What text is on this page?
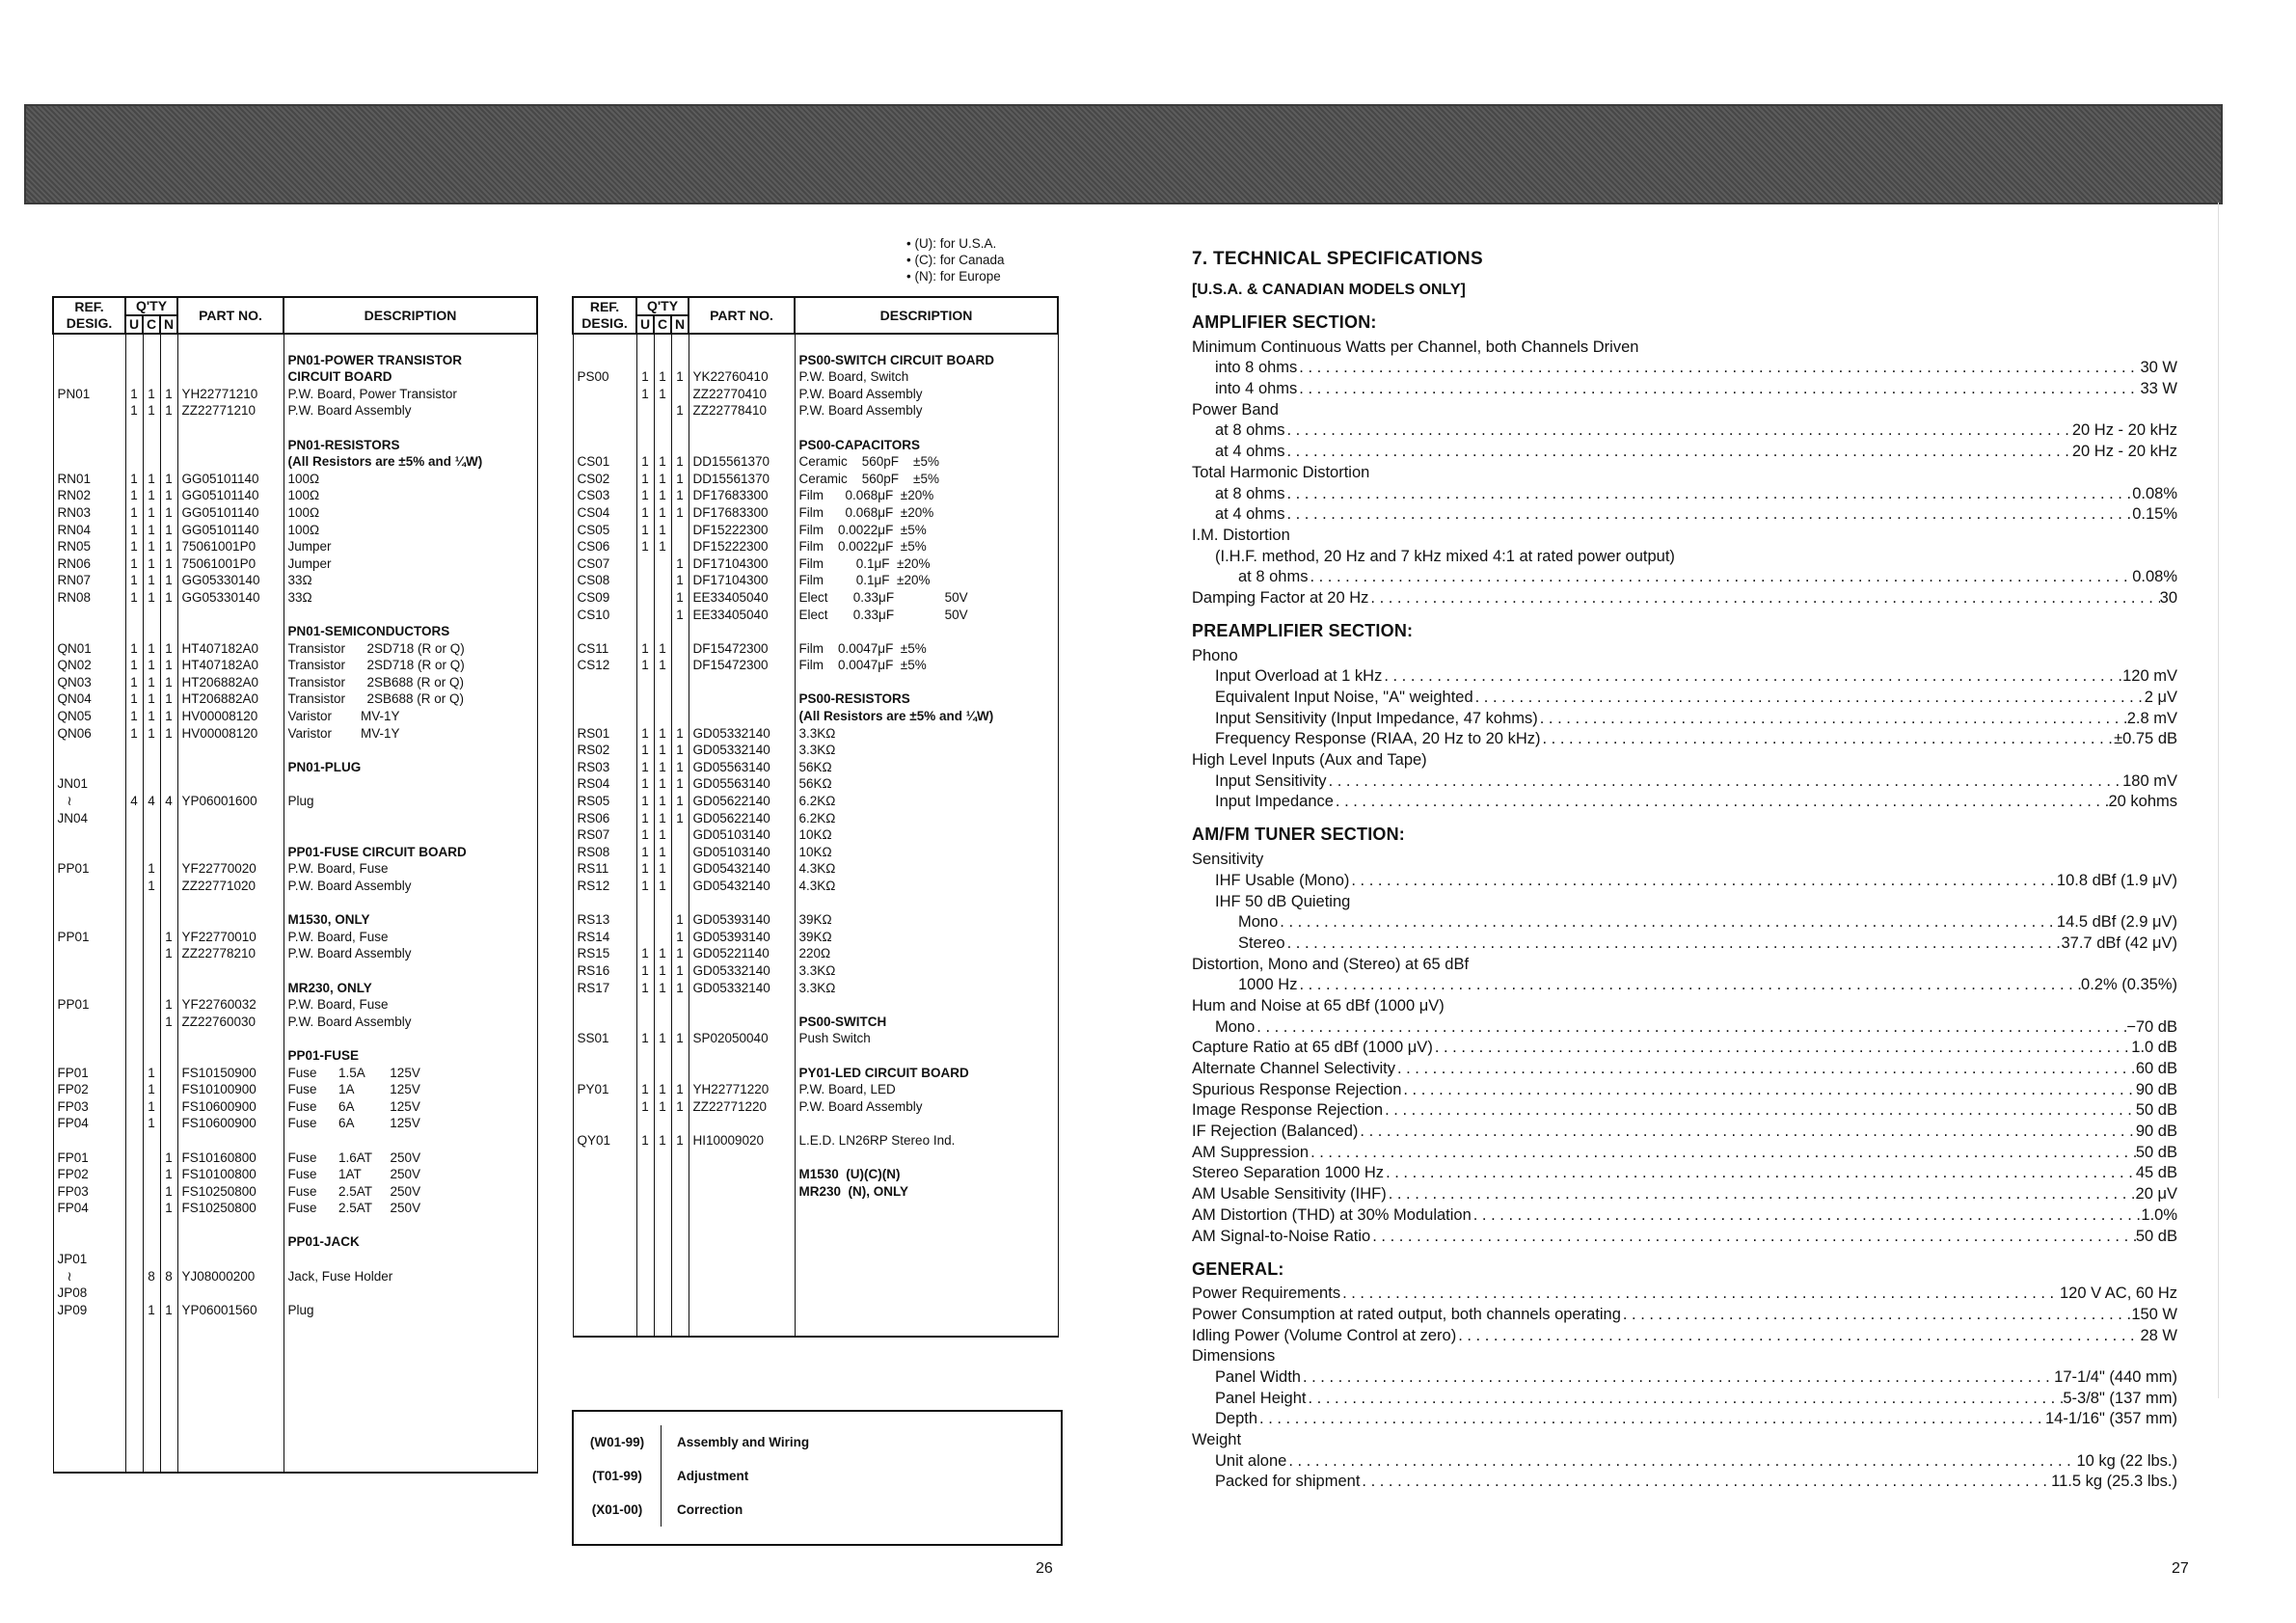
• (U): for U.S.A.
• (C): for Canada
• (N): for Europe
REF. DESIG.	Q'TY			PART NO.	DESCRIPTION
	U	C	N		

					PN01-POWER TRANSISTOR
					CIRCUIT BOARD
PN01	1	1	1	YH22771210	P.W. Board, Power Transistor
	1	1	1	ZZ22771210	P.W. Board Assembly

					PN01-RESISTORS
					(All Resistors are ±5% and ¼W)
RN01	1	1	1	GG05101140	100Ω
RN02	1	1	1	GG05101140	100Ω
RN03	1	1	1	GG05101140	100Ω
RN04	1	1	1	GG05101140	100Ω
RN05	1	1	1	75061001P0	Jumper
RN06	1	1	1	75061001P0	Jumper
RN07	1	1	1	GG05330140	33Ω
RN08	1	1	1	GG05330140	33Ω

					PN01-SEMICONDUCTORS
QN01	1	1	1	HT407182A0	Transistor      2SD718 (R or Q)
QN02	1	1	1	HT407182A0	Transistor      2SD718 (R or Q)
QN03	1	1	1	HT206882A0	Transistor      2SB688 (R or Q)
QN04	1	1	1	HT206882A0	Transistor      2SB688 (R or Q)
QN05	1	1	1	HV00008120	Varistor        MV-1Y
QN06	1	1	1	HV00008120	Varistor        MV-1Y

					PN01-PLUG
JN01					
≀	4	4	4	YP06001600	Plug
JN04					

					PP01-FUSE CIRCUIT BOARD
PP01		1		YF22770020	P.W. Board, Fuse
		1		ZZ22771020	P.W. Board Assembly

					M1530, ONLY
PP01			1	YF22770010	P.W. Board, Fuse
			1	ZZ22778210	P.W. Board Assembly

					MR230, ONLY
PP01			1	YF22760032	P.W. Board, Fuse
			1	ZZ22760030	P.W. Board Assembly

					PP01-FUSE
FP01		1		FS10150900	Fuse      1.5A       125V
FP02		1		FS10100900	Fuse      1A          125V
FP03		1		FS10600900	Fuse      6A          125V
FP04		1		FS10600900	Fuse      6A          125V

FP01			1	FS10160800	Fuse      1.6AT     250V
FP02			1	FS10100800	Fuse      1AT        250V
FP03			1	FS10250800	Fuse      2.5AT     250V
FP04			1	FS10250800	Fuse      2.5AT     250V

					PP01-JACK
JP01					
≀		8	8	YJ08000200	Jack, Fuse Holder
JP08					
JP09		1	1	YP06001560	Plug

REF. DESIG.	Q'TY			PART NO.	DESCRIPTION
	U	C	N		

					PS00-SWITCH CIRCUIT BOARD
PS00	1	1	1	YK22760410	P.W. Board, Switch
	1	1		ZZ22770410	P.W. Board Assembly
			1	ZZ22778410	P.W. Board Assembly

					PS00-CAPACITORS
CS01	1	1	1	DD15561370	Ceramic    560pF    ±5%
CS02	1	1	1	DD15561370	Ceramic    560pF    ±5%
CS03	1	1	1	DF17683300	Film      0.068μF  ±20%
CS04	1	1	1	DF17683300	Film      0.068μF  ±20%
CS05	1	1		DF15222300	Film    0.0022μF  ±5%
CS06	1	1		DF15222300	Film    0.0022μF  ±5%
CS07			1	DF17104300	Film         0.1μF  ±20%
CS08			1	DF17104300	Film         0.1μF  ±20%
CS09			1	EE33405040	Elect       0.33μF              50V
CS10			1	EE33405040	Elect       0.33μF              50V

CS11	1	1		DF15472300	Film    0.0047μF  ±5%
CS12	1	1		DF15472300	Film    0.0047μF  ±5%

					PS00-RESISTORS
					(All Resistors are ±5% and ¼W)
RS01	1	1	1	GD05332140	3.3KΩ
RS02	1	1	1	GD05332140	3.3KΩ
RS03	1	1	1	GD05563140	56KΩ
RS04	1	1	1	GD05563140	56KΩ
RS05	1	1	1	GD05622140	6.2KΩ
RS06	1	1	1	GD05622140	6.2KΩ
RS07	1	1		GD05103140	10KΩ
RS08	1	1		GD05103140	10KΩ
RS11	1	1		GD05432140	4.3KΩ
RS12	1	1		GD05432140	4.3KΩ

RS13			1	GD05393140	39KΩ
RS14			1	GD05393140	39KΩ
RS15	1	1	1	GD05221140	220Ω
RS16	1	1	1	GD05332140	3.3KΩ
RS17	1	1	1	GD05332140	3.3KΩ

					PS00-SWITCH
SS01	1	1	1	SP02050040	Push Switch

					PY01-LED CIRCUIT BOARD
PY01	1	1	1	YH22771220	P.W. Board, LED
	1	1	1	ZZ22771220	P.W. Board Assembly

QY01	1	1	1	HI10009020	L.E.D. LN26RP Stereo Ind.

					M1530  (U)(C)(N)
					MR230  (N), ONLY

(W01-99)	Assembly and Wiring
(T01-99)	Adjustment
(X01-00)	Correction
26	27
7. TECHNICAL SPECIFICATIONS
[U.S.A. & CANADIAN MODELS ONLY]
AMPLIFIER SECTION:
Minimum Continuous Watts per Channel, both Channels Driven
into 8 ohms . . .	30 W
into 4 ohms . . .	33 W
Power Band
at 8 ohms . . .	20 Hz - 20 kHz
at 4 ohms . . .	20 Hz - 20 kHz
Total Harmonic Distortion
at 8 ohms . . .	0.08%
at 4 ohms . . .	0.15%
I.M. Distortion
(I.H.F. method, 20 Hz and 7 kHz mixed 4:1 at rated power output)
at 8 ohms . . .	0.08%
Damping Factor at 20 Hz . . .	30
PREAMPLIFIER SECTION:
Phono
Input Overload at 1 kHz . . .	120 mV
Equivalent Input Noise, "A" weighted . . .	2 μV
Input Sensitivity (Input Impedance, 47 kohms) . . .	2.8 mV
Frequency Response (RIAA, 20 Hz to 20 kHz) . . .	±0.75 dB
High Level Inputs (Aux and Tape)
Input Sensitivity . . .	180 mV
Input Impedance . . .	20 kohms
AM/FM TUNER SECTION:
Sensitivity
IHF Usable (Mono) . . .	10.8 dBf (1.9 μV)
IHF 50 dB Quieting
Mono . . .	14.5 dBf (2.9 μV)
Stereo . . .	37.7 dBf (42 μV)
Distortion, Mono and (Stereo) at 65 dBf
1000 Hz . . .	0.2% (0.35%)
Hum and Noise at 65 dBf (1000 μV)
Mono . . .	−70 dB
Capture Ratio at 65 dBf (1000 μV) . . .	1.0 dB
Alternate Channel Selectivity . . .	60 dB
Spurious Response Rejection . . .	90 dB
Image Response Rejection . . .	50 dB
IF Rejection (Balanced) . . .	90 dB
AM Suppression . . .	50 dB
Stereo Separation 1000 Hz . . .	45 dB
AM Usable Sensitivity (IHF) . . .	20 μV
AM Distortion (THD) at 30% Modulation . . .	1.0%
AM Signal-to-Noise Ratio . . .	50 dB
GENERAL:
Power Requirements . . .	120 V AC, 60 Hz
Power Consumption at rated output, both channels operating . . .	150 W
Idling Power (Volume Control at zero) . . .	28 W
Dimensions
Panel Width . . .	17-1/4" (440 mm)
Panel Height . . .	5-3/8" (137 mm)
Depth . . .	14-1/16" (357 mm)
Weight
Unit alone . . .	10 kg (22 lbs.)
Packed for shipment . . .	11.5 kg (25.3 lbs.)
